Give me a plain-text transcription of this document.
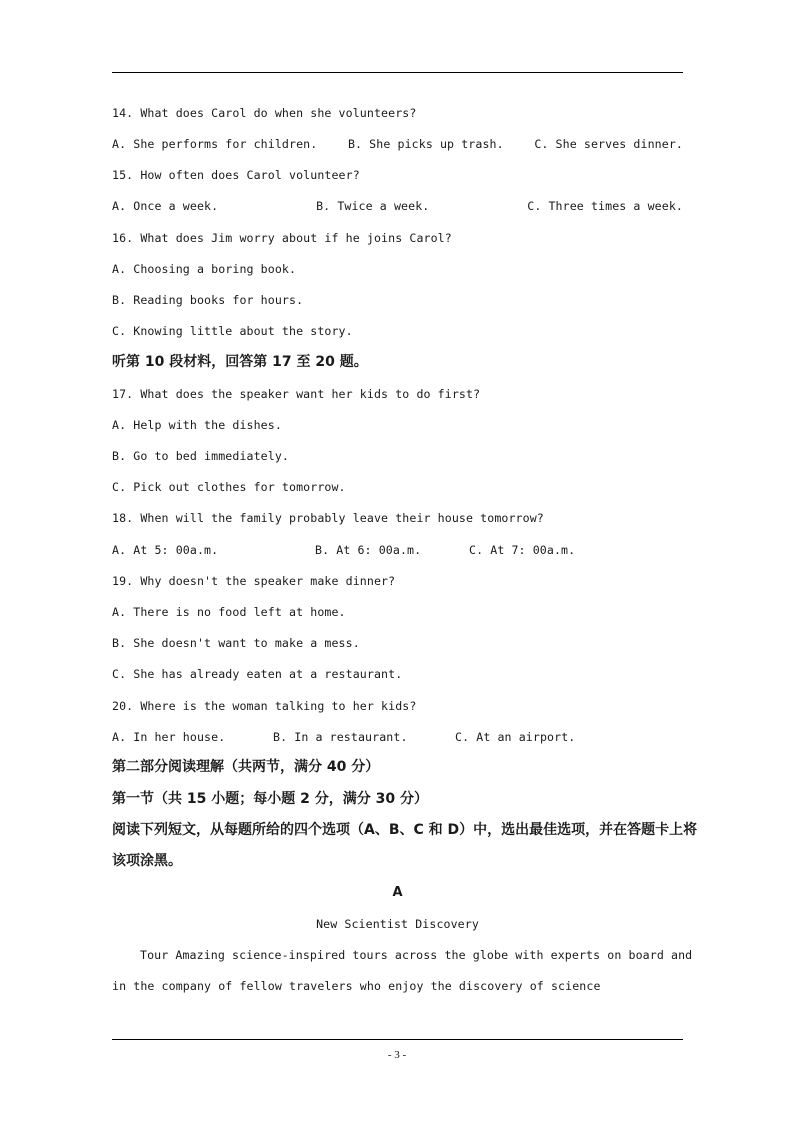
14. What does Carol do when she volunteers?
A. She performs for children.	B. She picks up trash.	C. She serves dinner.
15. How often does Carol volunteer?
A. Once a week.	B. Twice a week.	C. Three times a week.
16. What does Jim worry about if he joins Carol?
A. Choosing a boring book.
B. Reading books for hours.
C. Knowing little about the story.
听第 10 段材料，回答第 17 至 20 题。
17. What does the speaker want her kids to do first?
A. Help with the dishes.
B. Go to bed immediately.
C. Pick out clothes for tomorrow.
18. When will the family probably leave their house tomorrow?
A. At 5: 00a.m.	B. At 6: 00a.m.	C. At 7: 00a.m.
19. Why doesn't the speaker make dinner?
A. There is no food left at home.
B. She doesn't want to make a mess.
C. She has already eaten at a restaurant.
20. Where is the woman talking to her kids?
A. In her house.	B. In a restaurant.	C. At an airport.
第二部分阅读理解（共两节，满分 40 分）
第一节（共 15 小题；每小题 2 分，满分 30 分）
阅读下列短文，从每题所给的四个选项（A、B、C 和 D）中，选出最佳选项，并在答题卡上将
该项涂黑。
A
New Scientist Discovery
Tour Amazing science-inspired tours across the globe with experts on board and
in the company of fellow travelers who enjoy the discovery of science
- 3 -
